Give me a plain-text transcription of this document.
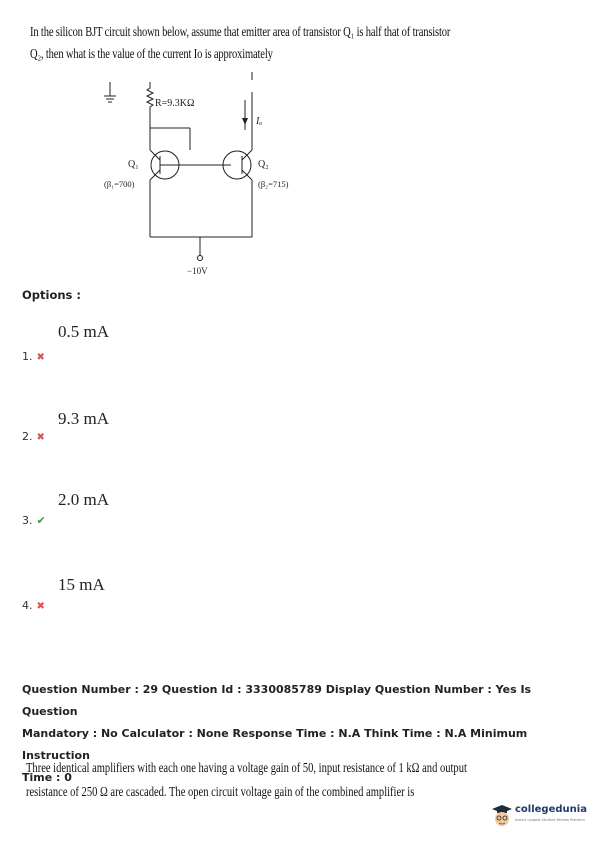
In the silicon BJT circuit shown below, assume that emitter area of transistor Q₁ is half that of transistor
Q₂, then what is the value of the current Io is approximately
R=9.3KΩ
Q₁
(β₁=700)
Q₂
(β₂=715)
Iₒ
−10V
Options :
0.5 mA
1. ✖
9.3 mA
2. ✖
2.0 mA
3. ✔
15 mA
4. ✖
Question Number : 29 Question Id : 3330085789 Display Question Number : Yes Is Question
Mandatory : No Calculator : None Response Time : N.A Think Time : N.A Minimum Instruction
Time : 0
Three identical amplifiers with each one having a voltage gain of 50, input resistance of 1 kΩ and output
resistance of 250 Ω are cascaded. The open circuit voltage gain of the combined amplifier is
collegedunia
India's Largest Student Review Platform
